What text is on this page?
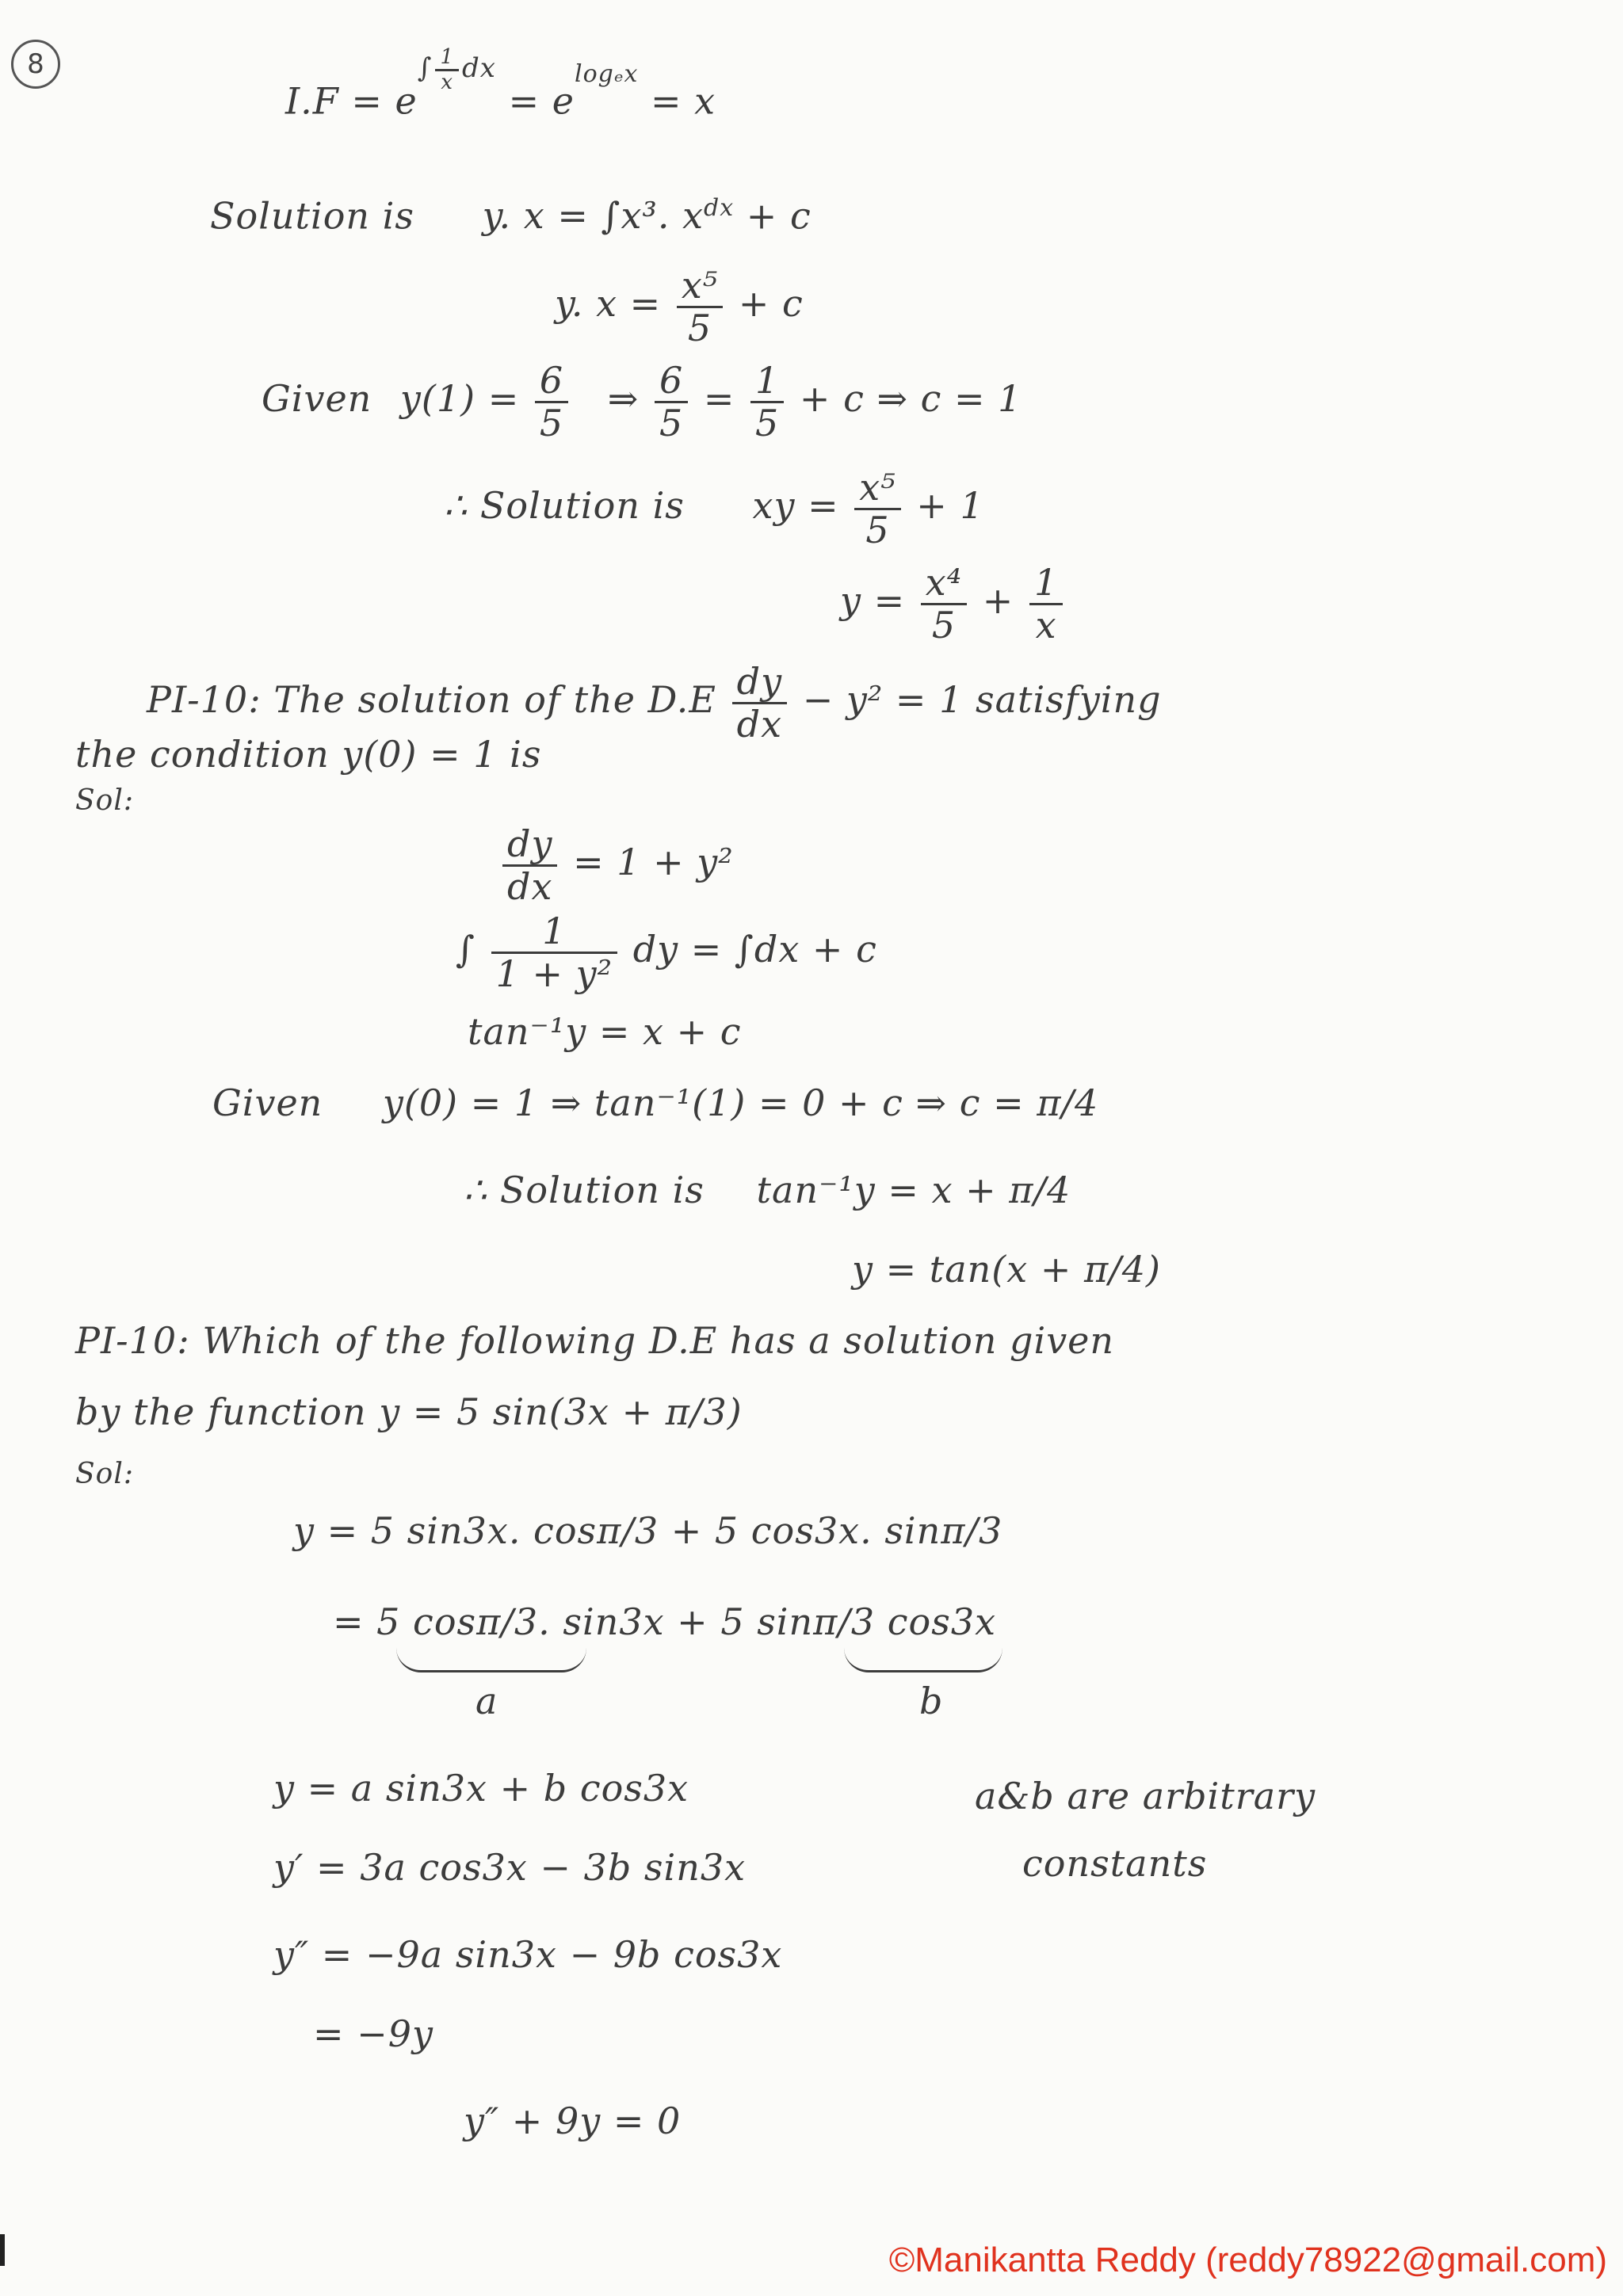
8
$I.F = e^{\int \frac{1}{x} dx} = e^{log_ex} = x$
Solution is y. x = ∫x³. $x^{dx} + c$
y. $x = \frac{\text{x⁵}}{5} + c$
Given $y(1) = \frac{6}{5}$ ⇒ $\frac{6}{5} = \frac{1}{5} + c$ ⇒ c = 1
∴ Solution is xy = $\frac{\text{x⁵}}{5} + 1$
$y = \frac{\text{x⁴}}{5} + \frac{1}{x}$
PI-10: The solution of the $D.E \frac{dy}{dx} - y^2 = 1$ satisfying
the condition y(0) = 1 is
Sol:
$\frac{dy}{dx} = 1 + y^2$
∫ $\frac{1}{\text{1 + y²}}$ dy = ∫dx + c
tan⁻¹y = x + c
Given y(0) = 1 ⇒ tan⁻¹(1) = 0 + c ⇒ c = π/4
∴ Solution is tan⁻¹y = x + π/4
y = tan(x + π/4)
PI-10: Which of the following D.E has a solution given
by the function y = 5 sin(3x + π/3)
Sol:
y = 5 sin3x. cosπ/3 + 5 cos3x. sinπ/3
= 5 cosπ/3. sin3x + 5 sinπ/3 cos3x
a	b
y = a sin3x + b cos3x	a&b are arbitrary
constants
y′ = 3a cos3x − 3b sin3x
y″ = −9a sin3x − 9b cos3x
= −9y
y″ + 9y = 0
©Manikantta Reddy (reddy78922@gmail.com)
